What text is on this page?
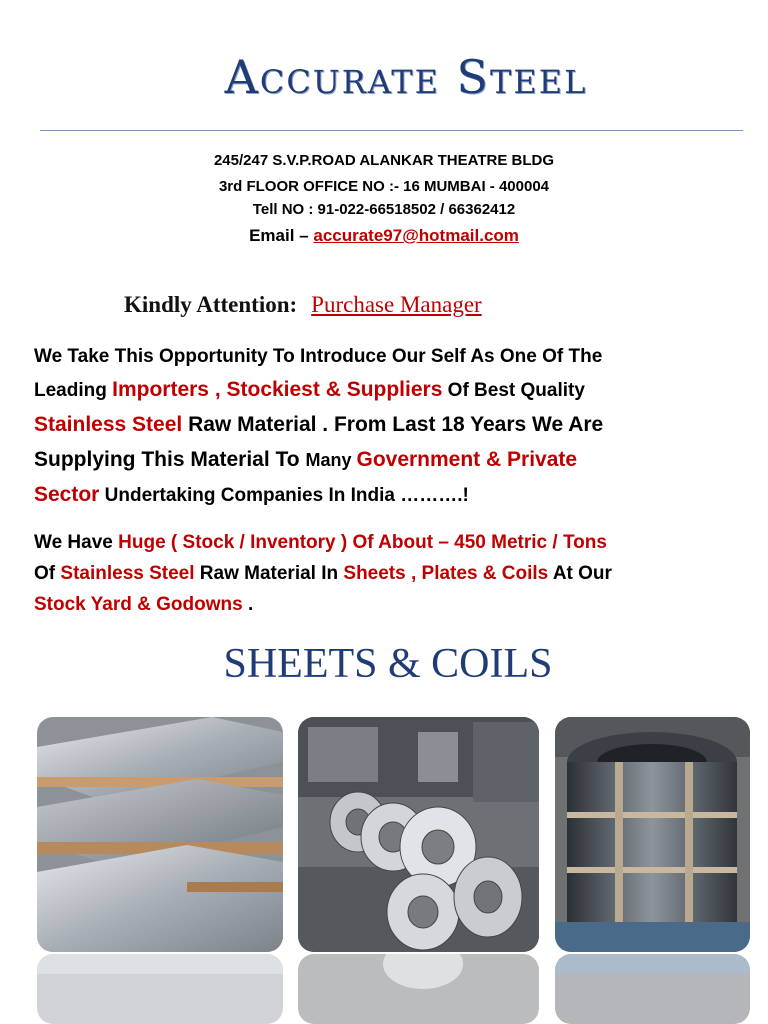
Accurate Steel
245/247 S.V.P.ROAD ALANKAR THEATRE BLDG
3rd FLOOR OFFICE NO :- 16 MUMBAI - 400004
Tell NO : 91-022-66518502 / 66362412
Email – accurate97@hotmail.com
Kindly Attention: Purchase Manager
We Take This Opportunity To Introduce Our Self As One Of The
Leading Importers , Stockiest & Suppliers Of Best Quality
Stainless Steel Raw Material . From Last 18 Years We Are
Supplying This Material To Many Government & Private
Sector Undertaking Companies In India ……….!
We Have Huge ( Stock / Inventory ) Of About – 450 Metric / Tons
Of Stainless Steel Raw Material In Sheets , Plates & Coils At Our
Stock Yard & Godowns .
SHEETS & COILS
